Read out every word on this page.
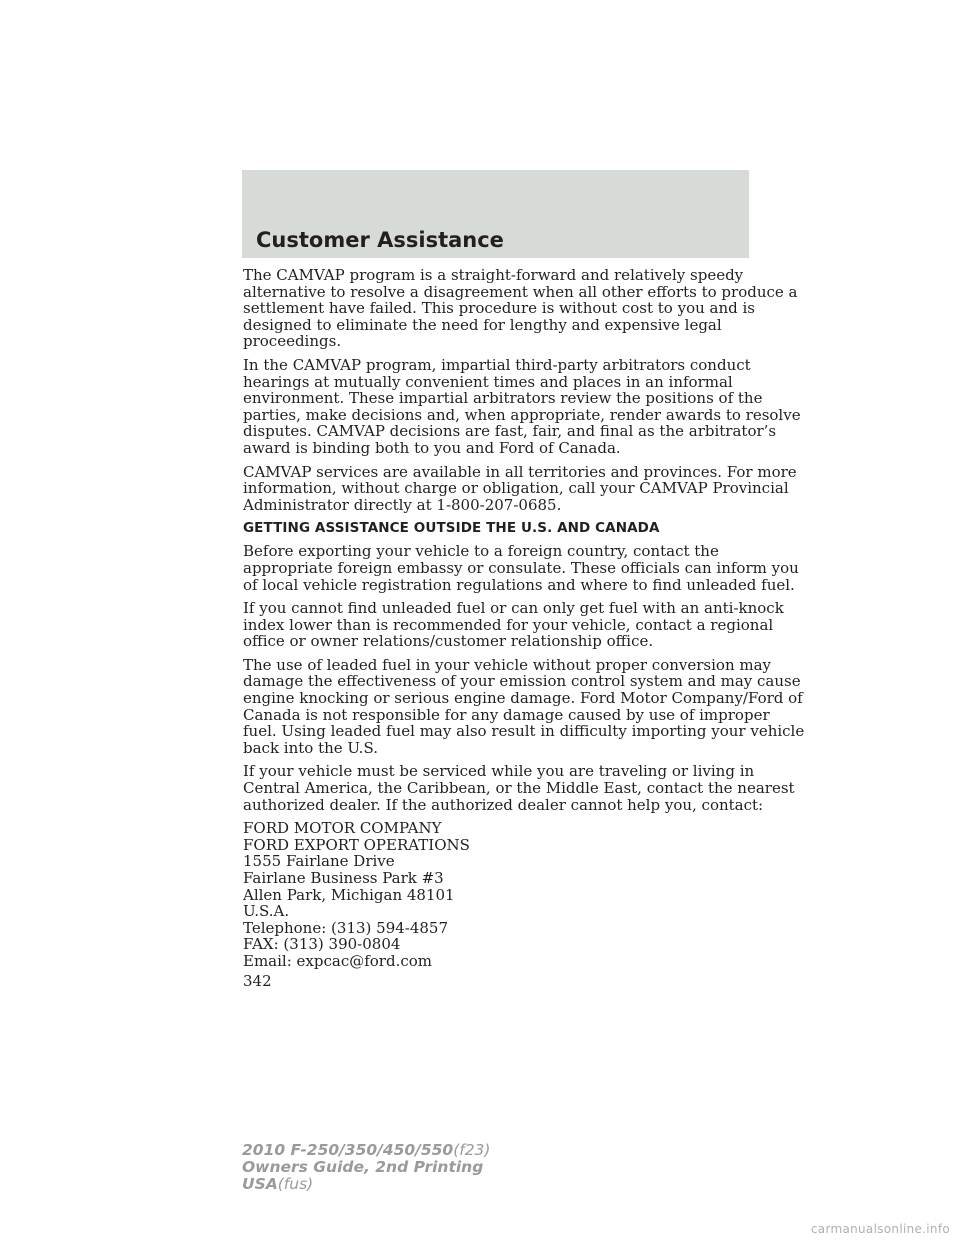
Customer Assistance

The CAMVAP program is a straight-forward and relatively speedy
alternative to resolve a disagreement when all other efforts to produce a
settlement have failed. This procedure is without cost to you and is
designed to eliminate the need for lengthy and expensive legal
proceedings.

In the CAMVAP program, impartial third-party arbitrators conduct
hearings at mutually convenient times and places in an informal
environment. These impartial arbitrators review the positions of the
parties, make decisions and, when appropriate, render awards to resolve
disputes. CAMVAP decisions are fast, fair, and final as the arbitrator’s
award is binding both to you and Ford of Canada.

CAMVAP services are available in all territories and provinces. For more
information, without charge or obligation, call your CAMVAP Provincial
Administrator directly at 1-800-207-0685.

GETTING ASSISTANCE OUTSIDE THE U.S. AND CANADA

Before exporting your vehicle to a foreign country, contact the
appropriate foreign embassy or consulate. These officials can inform you
of local vehicle registration regulations and where to find unleaded fuel.

If you cannot find unleaded fuel or can only get fuel with an anti-knock
index lower than is recommended for your vehicle, contact a regional
office or owner relations/customer relationship office.

The use of leaded fuel in your vehicle without proper conversion may
damage the effectiveness of your emission control system and may cause
engine knocking or serious engine damage. Ford Motor Company/Ford of
Canada is not responsible for any damage caused by use of improper
fuel. Using leaded fuel may also result in difficulty importing your vehicle
back into the U.S.

If your vehicle must be serviced while you are traveling or living in
Central America, the Caribbean, or the Middle East, contact the nearest
authorized dealer. If the authorized dealer cannot help you, contact:

FORD MOTOR COMPANY
FORD EXPORT OPERATIONS
1555 Fairlane Drive
Fairlane Business Park #3
Allen Park, Michigan 48101
U.S.A.
Telephone: (313) 594-4857
FAX: (313) 390-0804
Email: expcac@ford.com
342
2010 F-250/350/450/550(f23)
Owners Guide, 2nd Printing
USA(fus)
carmanualsonline.info
